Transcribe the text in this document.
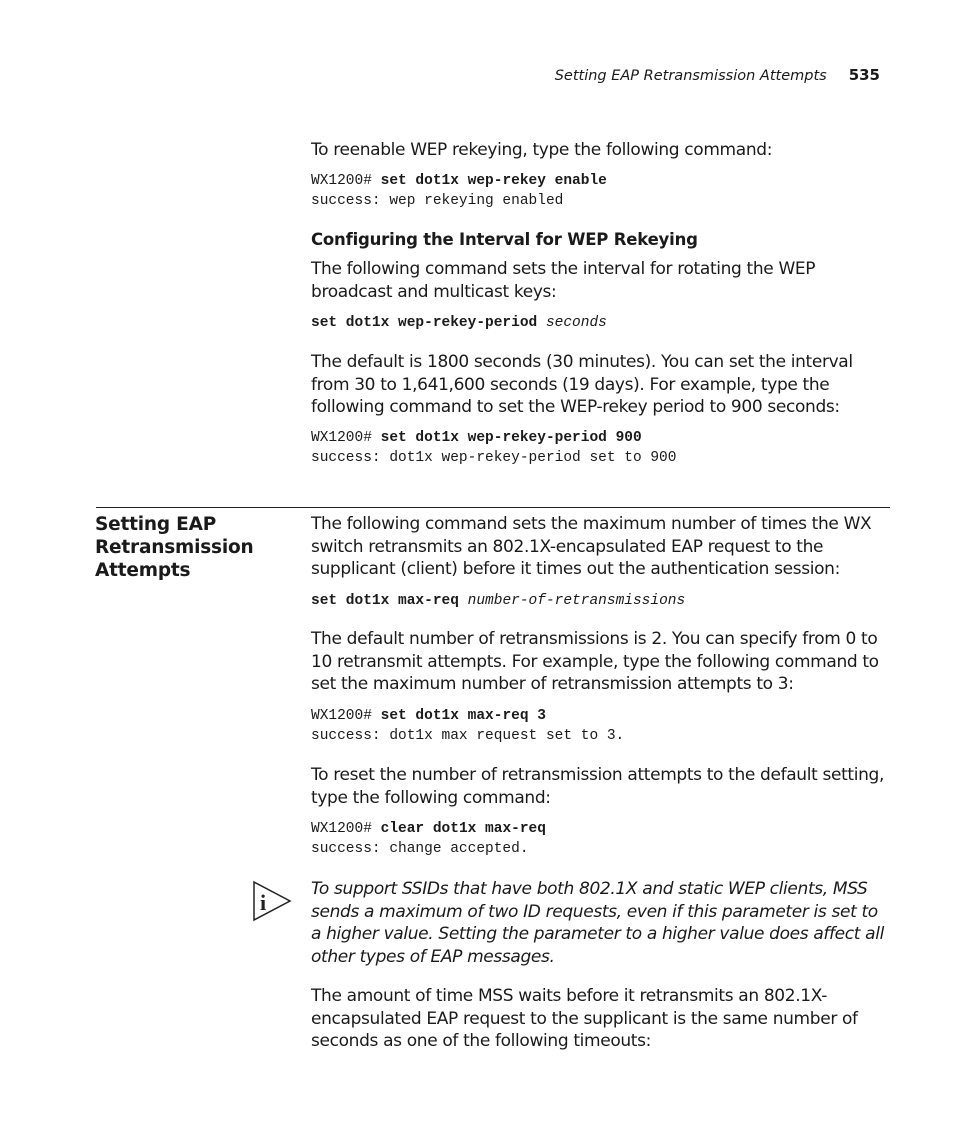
Setting EAP Retransmission Attempts 535
To reenable WEP rekeying, type the following command:
WX1200# set dot1x wep-rekey enable
success: wep rekeying enabled
Configuring the Interval for WEP Rekeying
The following command sets the interval for rotating the WEP broadcast and multicast keys:
set dot1x wep-rekey-period seconds
The default is 1800 seconds (30 minutes). You can set the interval from 30 to 1,641,600 seconds (19 days). For example, type the following command to set the WEP-rekey period to 900 seconds:
WX1200# set dot1x wep-rekey-period 900
success: dot1x wep-rekey-period set to 900
Setting EAP Retransmission Attempts
The following command sets the maximum number of times the WX switch retransmits an 802.1X-encapsulated EAP request to the supplicant (client) before it times out the authentication session:
set dot1x max-req number-of-retransmissions
The default number of retransmissions is 2. You can specify from 0 to 10 retransmit attempts. For example, type the following command to set the maximum number of retransmission attempts to 3:
WX1200# set dot1x max-req 3
success: dot1x max request set to 3.
To reset the number of retransmission attempts to the default setting, type the following command:
WX1200# clear dot1x max-req
success: change accepted.
i
To support SSIDs that have both 802.1X and static WEP clients, MSS sends a maximum of two ID requests, even if this parameter is set to a higher value. Setting the parameter to a higher value does affect all other types of EAP messages.
The amount of time MSS waits before it retransmits an 802.1X-encapsulated EAP request to the supplicant is the same number of seconds as one of the following timeouts:
